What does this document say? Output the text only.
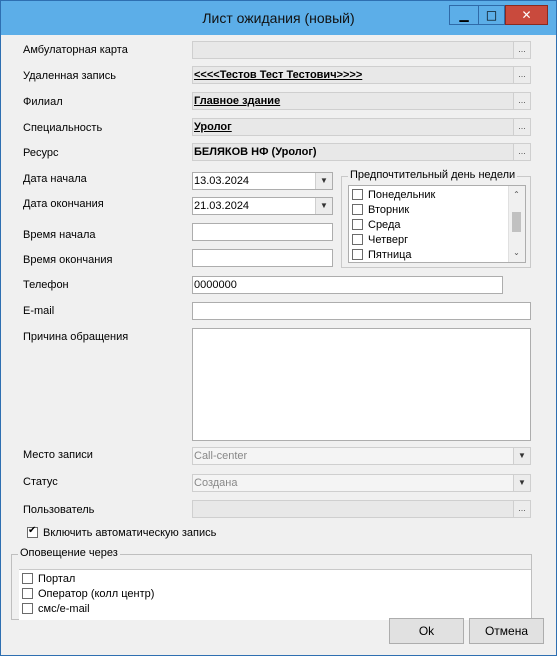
Лист ожидания (новый)	▁	□	✕
Амбулаторная карта	...
Удаленная запись	<<<<Тестов Тест Тестович>>>>	...
Филиал	Главное здание	...
Специальность	Уролог	...
Ресурс	БЕЛЯКОВ НФ (Уролог)	...
Дата начала	13.03.2024	▼
Дата окончания	21.03.2024	▼
Время начала
Время окончания
Предпочтительный день недели
Понедельник
Вторник
Среда
Четверг
Пятница
⌃
⌄
Телефон	0000000
E-mail
Причина обращения
Место записи	Call-center	▼
Статус	Создана	▼
Пользователь	...
✔Включить автоматическую запись
Оповещение через
Портал
Оператор (колл центр)
смс/e-mail
Ok	Отмена
